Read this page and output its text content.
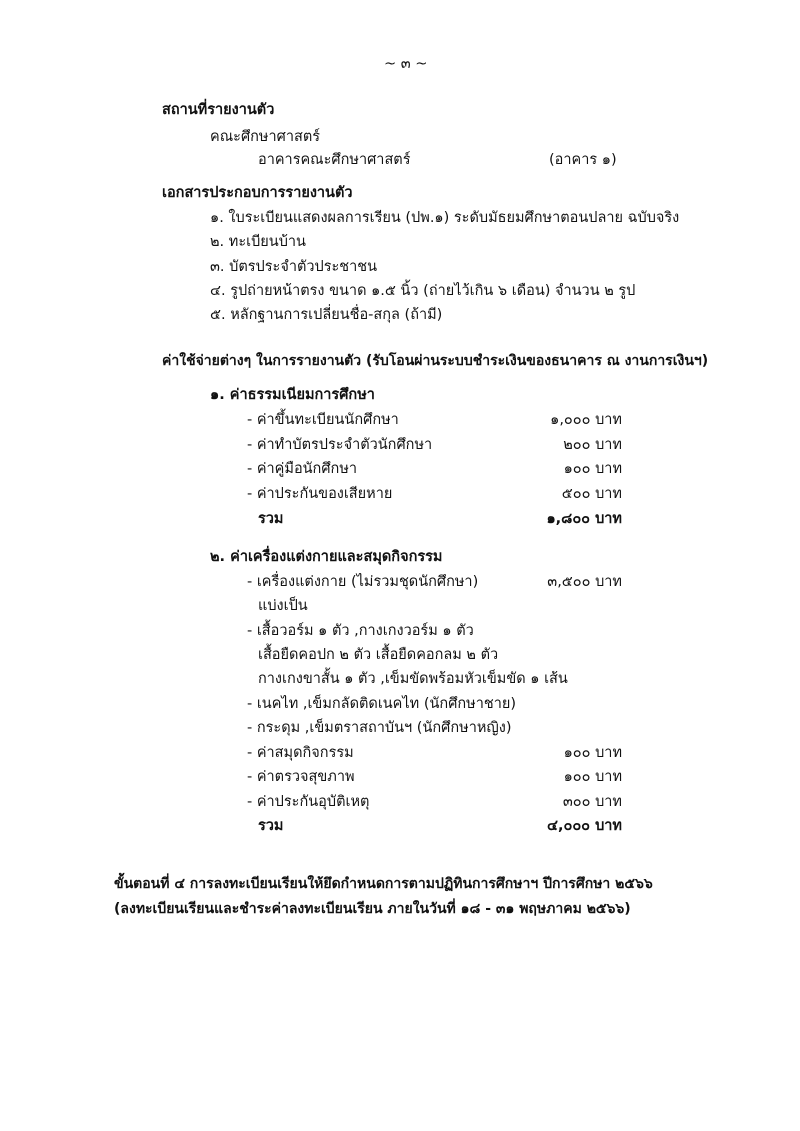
~ ๓ ~
สถานที่รายงานตัว
คณะศึกษาศาสตร์
อาคารคณะศึกษาศาสตร์	(อาคาร ๑)
เอกสารประกอบการรายงานตัว
๑. ใบระเบียนแสดงผลการเรียน (ปพ.๑) ระดับมัธยมศึกษาตอนปลาย ฉบับจริง
๒. ทะเบียนบ้าน
๓. บัตรประจำตัวประชาชน
๔. รูปถ่ายหน้าตรง ขนาด ๑.๕ นิ้ว (ถ่ายไว้เกิน ๖ เดือน) จำนวน ๒ รูป
๕. หลักฐานการเปลี่ยนชื่อ-สกุล (ถ้ามี)
ค่าใช้จ่ายต่างๆ ในการรายงานตัว (รับโอนผ่านระบบชำระเงินของธนาคาร ณ งานการเงินฯ)
๑. ค่าธรรมเนียมการศึกษา
- ค่าขึ้นทะเบียนนักศึกษา	๑,๐๐๐ บาท
- ค่าทำบัตรประจำตัวนักศึกษา	๒๐๐ บาท
- ค่าคู่มือนักศึกษา	๑๐๐ บาท
- ค่าประกันของเสียหาย	๕๐๐ บาท
รวม	๑,๘๐๐ บาท
๒. ค่าเครื่องแต่งกายและสมุดกิจกรรม
- เครื่องแต่งกาย (ไม่รวมชุดนักศึกษา)	๓,๕๐๐ บาท
แบ่งเป็น
- เสื้อวอร์ม ๑ ตัว ,กางเกงวอร์ม ๑ ตัว
เสื้อยืดคอปก ๒ ตัว เสื้อยืดคอกลม ๒ ตัว
กางเกงขาสั้น ๑ ตัว ,เข็มขัดพร้อมหัวเข็มขัด ๑ เส้น
- เนคไท ,เข็มกลัดติดเนคไท (นักศึกษาชาย)
- กระดุม ,เข็มตราสถาบันฯ (นักศึกษาหญิง)
- ค่าสมุดกิจกรรม	๑๐๐ บาท
- ค่าตรวจสุขภาพ	๑๐๐ บาท
- ค่าประกันอุบัติเหตุ	๓๐๐ บาท
รวม	๔,๐๐๐ บาท
ขั้นตอนที่ ๔ การลงทะเบียนเรียนให้ยึดกำหนดการตามปฏิทินการศึกษาฯ ปีการศึกษา ๒๕๖๖
(ลงทะเบียนเรียนและชำระค่าลงทะเบียนเรียน ภายในวันที่ ๑๘ - ๓๑ พฤษภาคม ๒๕๖๖)
